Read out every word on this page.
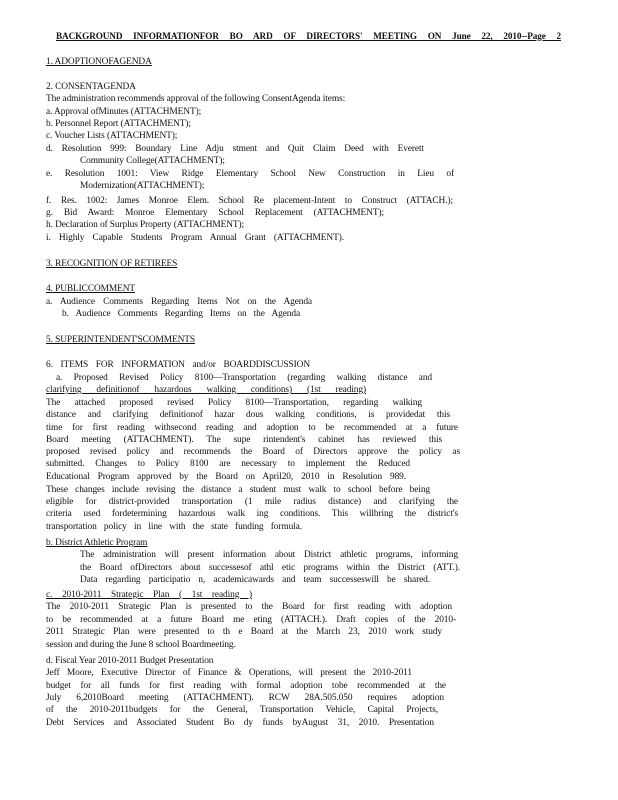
BACKGROUND INFORMATIONFOR BO ARD OF DIRECTORS' MEETING ON June 22, 2010--Page 2
1. ADOPTIONOFAGENDA
2. CONSENTAGENDA
The administration recommends approval of the following ConsentAgenda items:
a. Approval ofMinutes (ATTACHMENT);
b. Personnel Report (ATTACHMENT);
c. Voucher Lists (ATTACHMENT);
d. Resolution 999: Boundary Line Adju stment and Quit Claim Deed with Everett
Community College(ATTACHMENT);
e. Resolution 1001: View Ridge Elementary School New Construction in Lieu of
Modernization(ATTACHMENT);
f. Res. 1002: James Monroe Elem. School Re placement-Intent to Construct (ATTACH.);
g. Bid Award: Monroe Elementary School Replacement (ATTACHMENT);
h. Declaration of Surplus Property (ATTACHMENT);
i. Highly Capable Students Program Annual Grant (ATTACHMENT).
3. RECOGNITION OF RETIREES
4. PUBLICCOMMENT
a. Audience Comments Regarding Items Not on the Agenda
b. Audience Comments Regarding Items on the Agenda
5. SUPERINTENDENT'SCOMMENTS
6. ITEMS FOR INFORMATION and/or BOARDDISCUSSION
a. Proposed Revised Policy 8100—Transportation (regarding walking distance and
clarifying definitionof hazardous walking conditions) (1st reading)
The attached proposed revised Policy 8100—Transportation, regarding walking
distance and clarifying definitionof hazar dous walking conditions, is providedat this
time for first reading withsecond reading and adoption to be recommended at a future
Board meeting (ATTACHMENT). The supe rintendent's cabinet has reviewed this
proposed revised policy and recommends the Board of Directors approve the policy as
submitted. Changes to Policy 8100 are necessary to implement the Reduced
Educational Program approved by the Board on April20, 2010 in Resolution 989.
These changes include revising the distance a student must walk to school before being
eligible for district-provided transportation (1 mile radius distance) and clarifying the
criteria used fordetermining hazardous walk ing conditions. This willbring the district's
transportation policy in line with the state funding formula.
b. District Athletic Program
The administration will present information about District athletic programs, informing
the Board ofDirectors about successesof athl etic programs within the District (ATT.).
Data regarding participatio n, academicawards and team successeswill be shared.
c. 2010-2011 Strategic Plan ( 1st reading )
The 2010-2011 Strategic Plan is presented to the Board for first reading with adoption
to be recommended at a future Board me eting (ATTACH.). Draft copies of the 2010-
2011 Strategic Plan were presented to th e Board at the March 23, 2010 work study
session and during the June 8 school Boardmeeting.
d. Fiscal Year 2010-2011 Budget Presentation
Jeff Moore, Executive Director of Finance & Operations, will present the 2010-2011
budget for all funds for first reading with formal adoption tobe recommended at the
July 6,2010Board meeting (ATTACHMENT). RCW 28A.505.050 requires adoption
of the 2010-2011budgets for the General, Transportation Vehicle, Capital Projects,
Debt Services and Associated Student Bo dy funds byAugust 31, 2010. Presentation
